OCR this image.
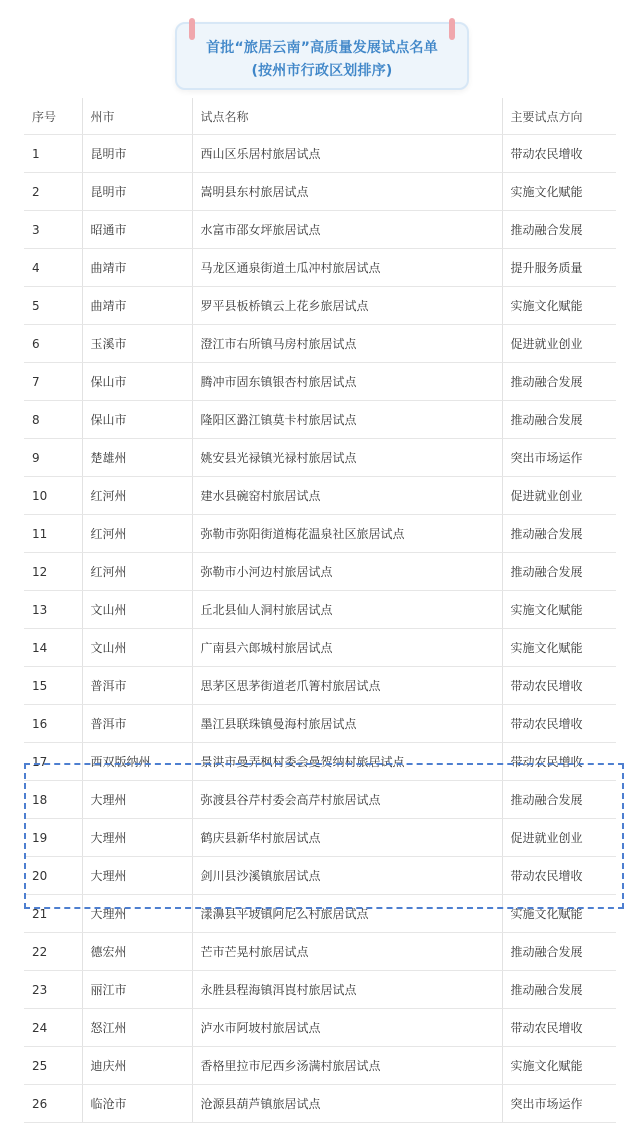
首批“旅居云南”高质量发展试点名单
(按州市行政区划排序)
序号	州市	试点名称	主要试点方向
1	昆明市	西山区乐居村旅居试点	带动农民增收
2	昆明市	嵩明县东村旅居试点	实施文化赋能
3	昭通市	水富市邵女坪旅居试点	推动融合发展
4	曲靖市	马龙区通泉街道土瓜冲村旅居试点	提升服务质量
5	曲靖市	罗平县板桥镇云上花乡旅居试点	实施文化赋能
6	玉溪市	澄江市右所镇马房村旅居试点	促进就业创业
7	保山市	腾冲市固东镇银杏村旅居试点	推动融合发展
8	保山市	隆阳区潞江镇莫卡村旅居试点	推动融合发展
9	楚雄州	姚安县光禄镇光禄村旅居试点	突出市场运作
10	红河州	建水县碗窑村旅居试点	促进就业创业
11	红河州	弥勒市弥阳街道梅花温泉社区旅居试点	推动融合发展
12	红河州	弥勒市小河边村旅居试点	推动融合发展
13	文山州	丘北县仙人洞村旅居试点	实施文化赋能
14	文山州	广南县六郎城村旅居试点	实施文化赋能
15	普洱市	思茅区思茅街道老爪箐村旅居试点	带动农民增收
16	普洱市	墨江县联珠镇曼海村旅居试点	带动农民增收
17	西双版纳州	景洪市曼弄枫村委会曼贺纳村旅居试点	带动农民增收
18	大理州	弥渡县谷芹村委会高芹村旅居试点	推动融合发展
19	大理州	鹤庆县新华村旅居试点	促进就业创业
20	大理州	剑川县沙溪镇旅居试点	带动农民增收
21	大理州	漾濞县平坡镇阿尼么村旅居试点	实施文化赋能
22	德宏州	芒市芒晃村旅居试点	推动融合发展
23	丽江市	永胜县程海镇洱崀村旅居试点	推动融合发展
24	怒江州	泸水市阿坡村旅居试点	带动农民增收
25	迪庆州	香格里拉市尼西乡汤满村旅居试点	实施文化赋能
26	临沧市	沧源县葫芦镇旅居试点	突出市场运作
